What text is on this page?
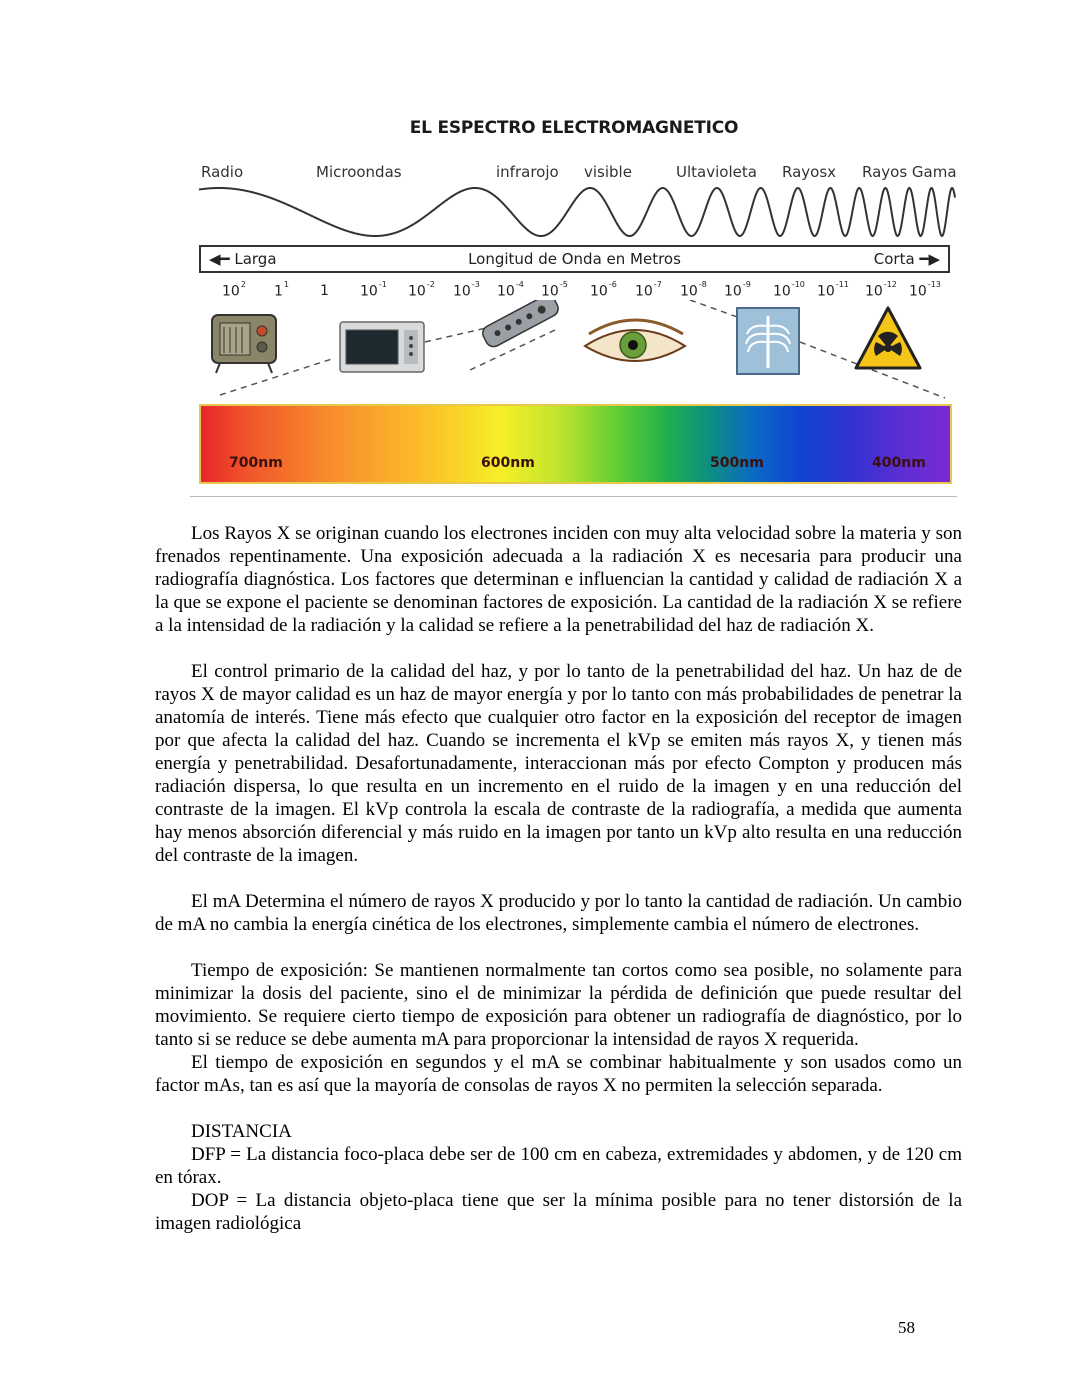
EL ESPECTRO ELECTROMAGNETICO
Radio	Microondas	infrarojo visible	Ultavioleta Rayosx Rayos Gama
◀━ Larga	Longitud de Onda en Metros	Corta ━▶
$10^2$ $1^1$ 1 $10^{-1}$ $10^{-2}$ $10^{-3}$ $10^{-4}$ $10^{-5}$ $10^{-6}$ $10^{-7}$ $10^{-8}$ $10^{-9}$ $10^{-10}$ $10^{-11}$ $10^{-12}$ $10^{-13}$
700nm	600nm	500nm	400nm

Los Rayos X se originan cuando los electrones inciden con muy alta velocidad sobre la materia y son frenados repentinamente. Una exposición adecuada a la radiación X es necesaria para producir una radiografía diagnóstica. Los factores que determinan e influencian la cantidad y calidad de radiación X a la que se expone el paciente se denominan factores de exposición. La cantidad de la radiación X se refiere a la intensidad de la radiación y la calidad se refiere a la penetrabilidad del haz de radiación X.

El control primario de la calidad del haz, y por lo tanto de la penetrabilidad del haz. Un haz de de rayos X de mayor calidad es un haz de mayor energía y por lo tanto con más probabilidades de penetrar la anatomía de interés. Tiene más efecto que cualquier otro factor en la exposición del receptor de imagen por que afecta la calidad del haz. Cuando se incrementa el kVp se emiten más rayos X, y tienen más energía y penetrabilidad. Desafortunadamente, interaccionan más por efecto Compton y producen más radiación dispersa, lo que resulta en un incremento en el ruido de la imagen y en una reducción del contraste de la imagen. El kVp controla la escala de contraste de la radiografía, a medida que aumenta hay menos absorción diferencial y más ruido en la imagen por tanto un kVp alto resulta en una reducción del contraste de la imagen.

El mA Determina el número de rayos X producido y por lo tanto la cantidad de radiación. Un cambio de mA no cambia la energía cinética de los electrones, simplemente cambia el número de electrones.

Tiempo de exposición: Se mantienen normalmente tan cortos como sea posible, no solamente para minimizar la dosis del paciente, sino el de minimizar la pérdida de definición que puede resultar del movimiento. Se requiere cierto tiempo de exposición para obtener un radiografía de diagnóstico, por lo tanto si se reduce se debe aumenta mA para proporcionar la intensidad de rayos X requerida.

El tiempo de exposición en segundos y el mA se combinar habitualmente y son usados como un factor mAs, tan es así que la mayoría de consolas de rayos X no permiten la selección separada.

DISTANCIA

DFP = La distancia foco-placa debe ser de 100 cm en cabeza, extremidades y abdomen, y de 120 cm en tórax.

DOP = La distancia objeto-placa tiene que ser la mínima posible para no tener distorsión de la imagen radiológica

58
